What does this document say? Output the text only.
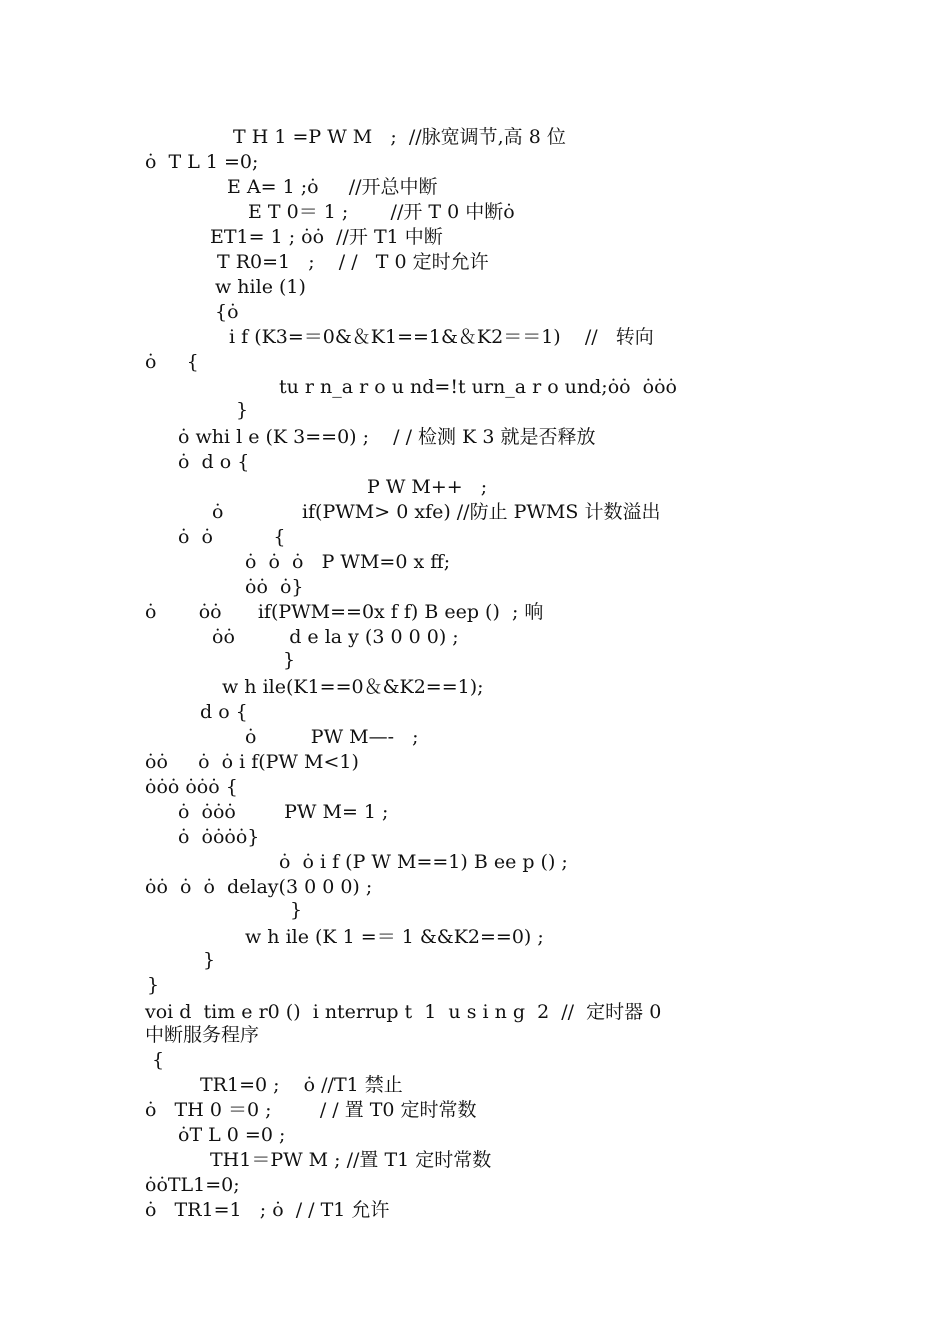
T H 1 =P W M   ;  //脉宽调节,高 8 位
ȯ  T L 1 =0;
E A= 1 ;ȯ     //开总中断
E T 0＝ 1 ;       //开 T 0 中断ȯ
ET1= 1 ; ȯȯ  //开 T1 中断
T R0=1   ;    / /   T 0 定时允许
w hile (1)
{ȯ
i f (K3=＝0&＆K1==1&＆K2＝＝1)    //   转向
ȯ     {
tu r n_a r o u nd=!t urn_a r o und;ȯȯ  ȯȯȯ
}
ȯ whi l e (K 3==0) ;    / / 检测 K 3 就是否释放
ȯ  d o {
P W M++   ;
ȯ             if(PWM> 0 xfe) //防止 PWMS 计数溢出
ȯ  ȯ          {
ȯ  ȯ  ȯ   P WM=0 x ff;
ȯȯ  ȯ}
ȯ       ȯȯ      if(PWM==0x f f) B eep ()  ; 响
ȯȯ         d e la y (3 0 0 0) ;
}
w h ile(K1==0＆&K2==1);
d o {
ȯ         PW M—-   ;
ȯȯ     ȯ  ȯ i f(PW M<1)
ȯȯȯ ȯȯȯ {
ȯ  ȯȯȯ        PW M= 1 ;
ȯ  ȯȯȯȯ}
ȯ  ȯ i f (P W M==1) B ee p () ;
ȯȯ  ȯ  ȯ  delay(3 0 0 0) ;
}
w h ile (K 1 =＝ 1 &&K2==0) ;
}
}
voi d  tim e r0 ()  i nterrup t  1  u s i n g  2  //  定时器 0
中断服务程序
{
TR1=0 ;    ȯ //T1 禁止
ȯ   TH 0 ＝0 ;        / / 置 T0 定时常数
ȯT L 0 =0 ;
TH1＝PW M ; //置 T1 定时常数
ȯȯTL1=0;
ȯ   TR1=1   ; ȯ  / / T1 允许
